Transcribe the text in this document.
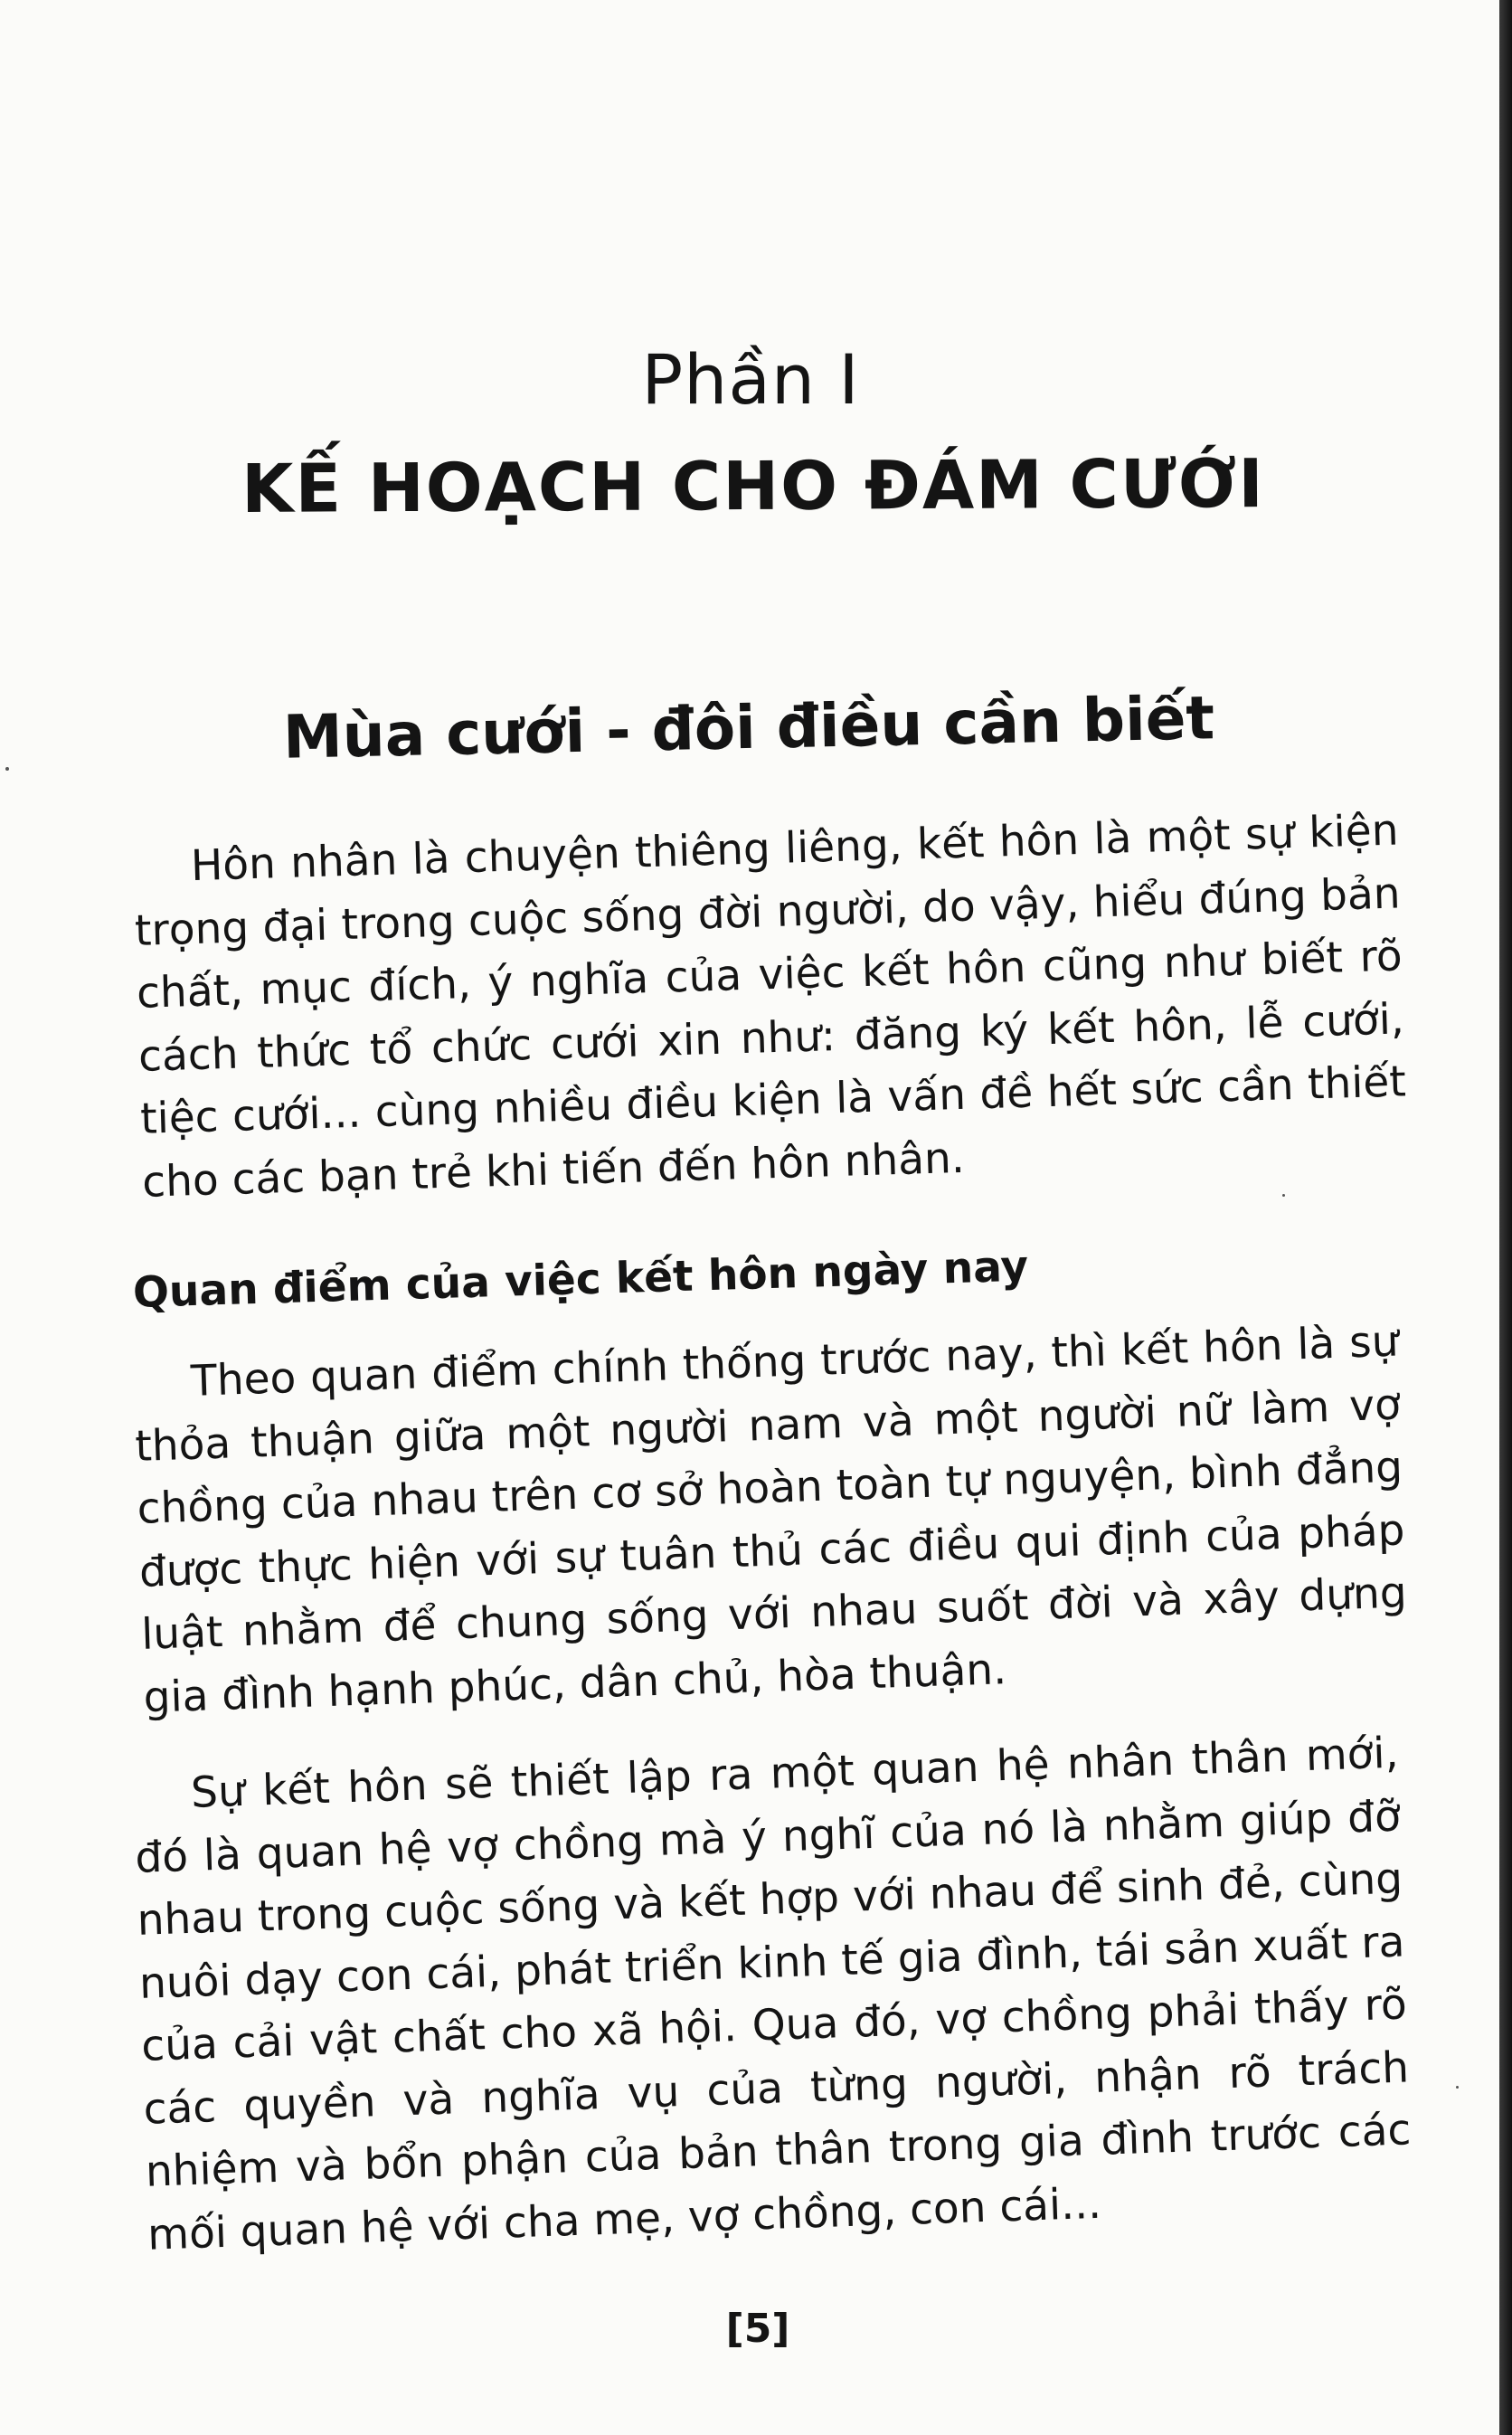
Phần I
KẾ HOẠCH CHO ĐÁM CƯỚI
Mùa cưới - đôi điều cần biết

Hôn nhân là chuyện thiêng liêng, kết hôn là một sự kiện trọng đại trong cuộc sống đời người, do vậy, hiểu đúng bản chất, mục đích, ý nghĩa của việc kết hôn cũng như biết rõ cách thức tổ chức cưới xin như: đăng ký kết hôn, lễ cưới, tiệc cưới... cùng nhiều điều kiện là vấn đề hết sức cần thiết cho các bạn trẻ khi tiến đến hôn nhân.

Quan điểm của việc kết hôn ngày nay

Theo quan điểm chính thống trước nay, thì kết hôn là sự thỏa thuận giữa một người nam và một người nữ làm vợ chồng của nhau trên cơ sở hoàn toàn tự nguyện, bình đẳng được thực hiện với sự tuân thủ các điều qui định của pháp luật nhằm để chung sống với nhau suốt đời và xây dựng gia đình hạnh phúc, dân chủ, hòa thuận.

Sự kết hôn sẽ thiết lập ra một quan hệ nhân thân mới, đó là quan hệ vợ chồng mà ý nghĩ của nó là nhằm giúp đỡ nhau trong cuộc sống và kết hợp với nhau để sinh đẻ, cùng nuôi dạy con cái, phát triển kinh tế gia đình, tái sản xuất ra của cải vật chất cho xã hội. Qua đó, vợ chồng phải thấy rõ các quyền và nghĩa vụ của từng người, nhận rõ trách nhiệm và bổn phận của bản thân trong gia đình trước các mối quan hệ với cha mẹ, vợ chồng, con cái...

[5]
